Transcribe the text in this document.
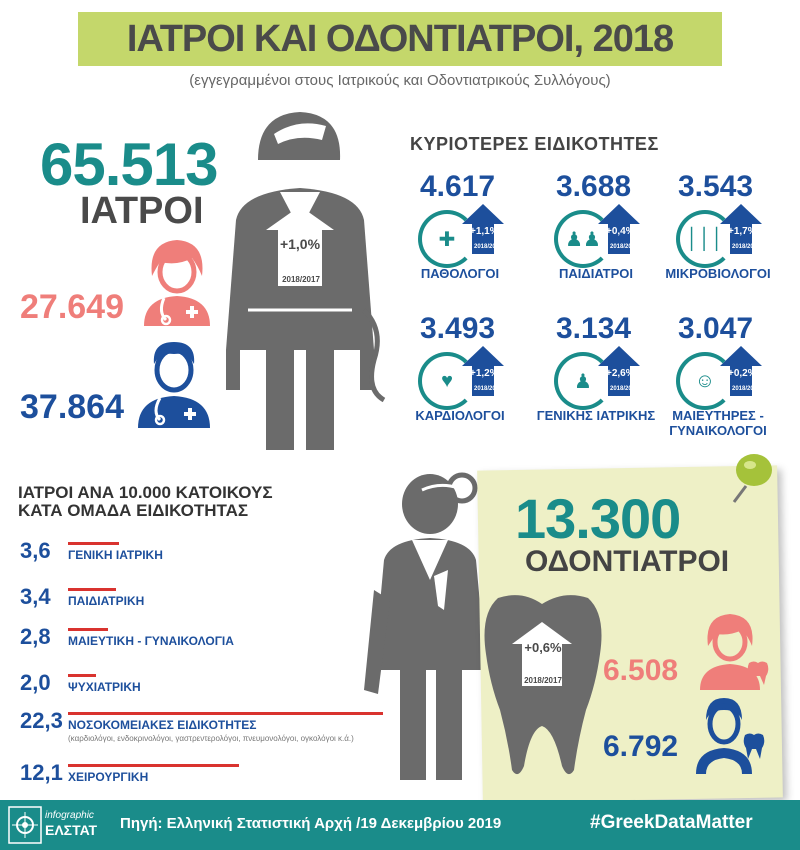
ΙΑΤΡΟΙ ΚΑΙ ΟΔΟΝΤΙΑΤΡΟΙ, 2018
(εγγεγραμμένοι στους Ιατρικούς και Οδοντιατρικούς Συλλόγους)
65.513
ΙΑΤΡΟΙ
27.649
37.864
+1,0%
2018/2017
ΚΥΡΙΟΤΕΡΕΣ ΕΙΔΙΚΟΤΗΤΕΣ
4.617
✚	+1,1%
2018/2017
ΠΑΘΟΛΟΓΟΙ
3.688
♟♟ +0,4%
2018/2017
ΠΑΙΔΙΑΤΡΟΙ
3.543
│││ +1,7%
2018/2017
ΜΙΚΡΟΒΙΟΛΟΓΟΙ
3.493
♥	+1,2%
2018/2017
ΚΑΡΔΙΟΛΟΓΟΙ
3.134
♟	+2,6%
2018/2017
ΓΕΝΙΚΗΣ ΙΑΤΡΙΚΗΣ
3.047
☺	+0,2%
2018/2017
ΜΑΙΕΥΤΗΡΕΣ - ΓΥΝΑΙΚΟΛΟΓΟΙ
ΙΑΤΡΟΙ ΑΝΑ 10.000 ΚΑΤΟΙΚΟΥΣ
ΚΑΤΑ ΟΜΑΔΑ ΕΙΔΙΚΟΤΗΤΑΣ
3,6 ΓΕΝΙΚΗ ΙΑΤΡΙΚΗ
3,4 ΠΑΙΔΙΑΤΡΙΚΗ
2,8 ΜΑΙΕΥΤΙΚΗ - ΓΥΝΑΙΚΟΛΟΓΙΑ
2,0 ΨΥΧΙΑΤΡΙΚΗ
22,3 ΝΟΣΟΚΟΜΕΙΑΚΕΣ ΕΙΔΙΚΟΤΗΤΕΣ
(καρδιολόγοι, ενδοκρινολόγοι, γαστρεντερολόγοι, πνευμονολόγοι, ογκολόγοι κ.ά.)
12,1 ΧΕΙΡΟΥΡΓΙΚΗ
+0,6%
2018/2017
13.300
ΟΔΟΝΤΙΑΤΡΟΙ
6.508
6.792
infographic
ΕΛΣΤΑΤ Πηγή: Ελληνική Στατιστική Αρχή /19 Δεκεμβρίου 2019	#GreekDataMatter
